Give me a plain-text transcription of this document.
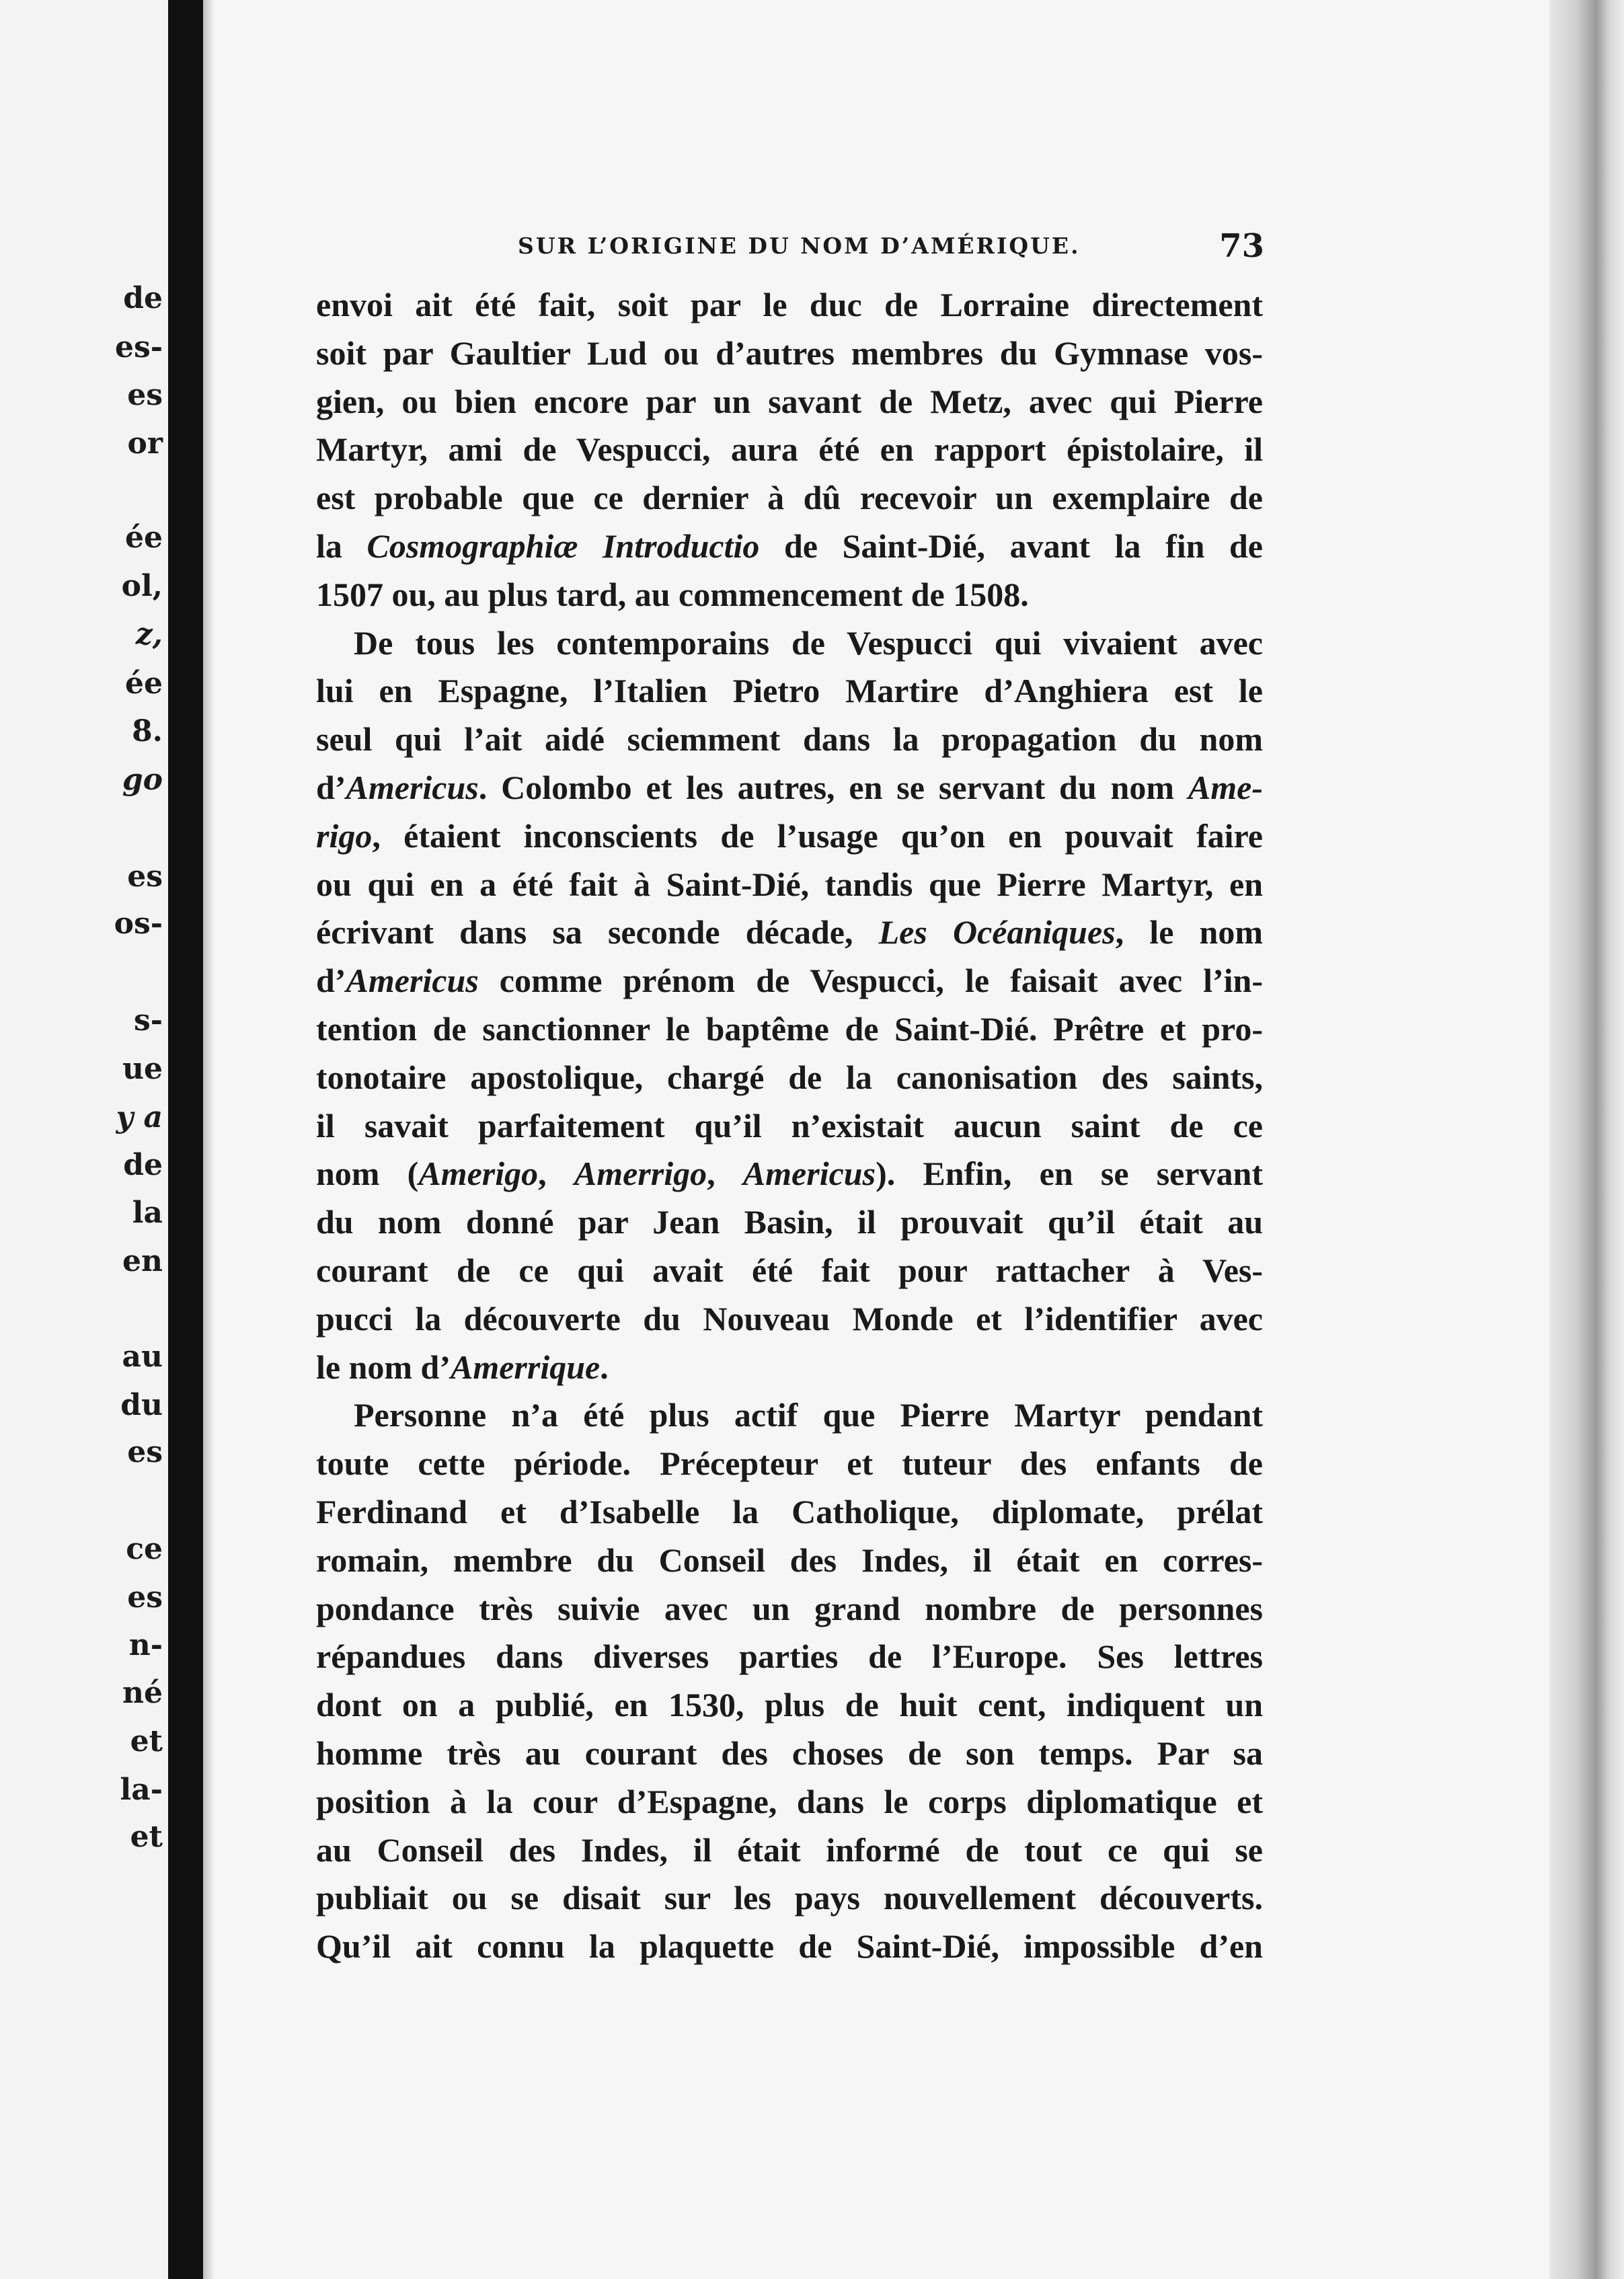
de
es-
es
or
ée
ol,
z,
ée
8.
go
es
os-
s-
ue
y a
de
la
en
au
du
es
ce
es
n-
né
et
la-
et
SUR L’ORIGINE DU NOM D’AMÉRIQUE.	73
envoi ait été fait, soit par le duc de Lorraine directement
soit par Gaultier Lud ou d’autres membres du Gymnase vos-
gien, ou bien encore par un savant de Metz, avec qui Pierre
Martyr, ami de Vespucci, aura été en rapport épistolaire, il
est probable que ce dernier à dû recevoir un exemplaire de
la Cosmographiæ Introductio de Saint-Dié, avant la fin de
1507 ou, au plus tard, au commencement de 1508.
De tous les contemporains de Vespucci qui vivaient avec
lui en Espagne, l’Italien Pietro Martire d’Anghiera est le
seul qui l’ait aidé sciemment dans la propagation du nom
d’Americus. Colombo et les autres, en se servant du nom Ame-
rigo, étaient inconscients de l’usage qu’on en pouvait faire
ou qui en a été fait à Saint-Dié, tandis que Pierre Martyr, en
écrivant dans sa seconde décade, Les Océaniques, le nom
d’Americus comme prénom de Vespucci, le faisait avec l’in-
tention de sanctionner le baptême de Saint-Dié. Prêtre et pro-
tonotaire apostolique, chargé de la canonisation des saints,
il savait parfaitement qu’il n’existait aucun saint de ce
nom (Amerigo, Amerrigo, Americus). Enfin, en se servant
du nom donné par Jean Basin, il prouvait qu’il était au
courant de ce qui avait été fait pour rattacher à Ves-
pucci la découverte du Nouveau Monde et l’identifier avec
le nom d’Amerrique.
Personne n’a été plus actif que Pierre Martyr pendant
toute cette période. Précepteur et tuteur des enfants de
Ferdinand et d’Isabelle la Catholique, diplomate, prélat
romain, membre du Conseil des Indes, il était en corres-
pondance très suivie avec un grand nombre de personnes
répandues dans diverses parties de l’Europe. Ses lettres
dont on a publié, en 1530, plus de huit cent, indiquent un
homme très au courant des choses de son temps. Par sa
position à la cour d’Espagne, dans le corps diplomatique et
au Conseil des Indes, il était informé de tout ce qui se
publiait ou se disait sur les pays nouvellement découverts.
Qu’il ait connu la plaquette de Saint-Dié, impossible d’en
